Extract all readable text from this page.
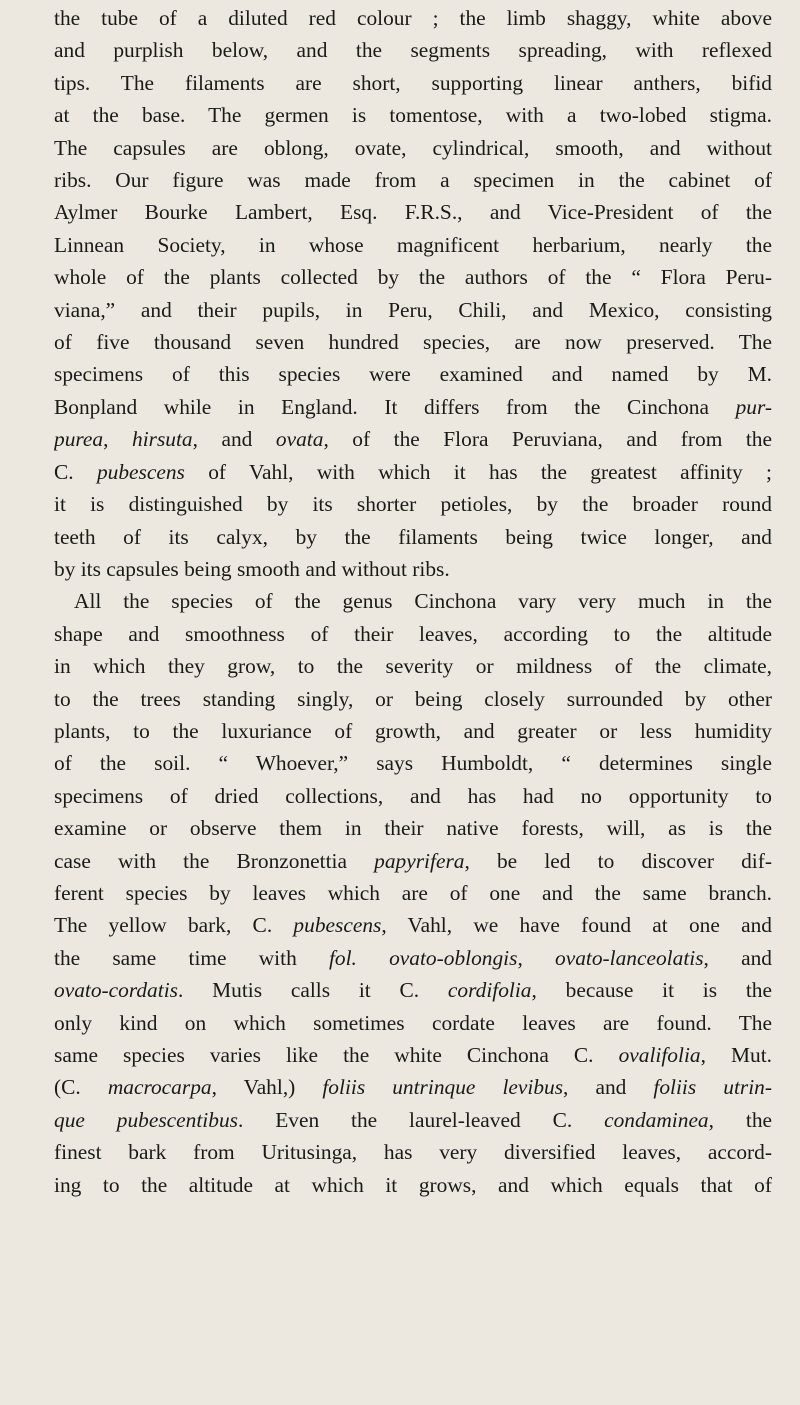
the tube of a diluted red colour ; the limb shaggy, white above
and purplish below, and the segments spreading, with reflexed
tips. The filaments are short, supporting linear anthers, bifid
at the base. The germen is tomentose, with a two-lobed stigma.
The capsules are oblong, ovate, cylindrical, smooth, and without
ribs. Our figure was made from a specimen in the cabinet of
Aylmer Bourke Lambert, Esq. F.R.S., and Vice-President of the
Linnean Society, in whose magnificent herbarium, nearly the
whole of the plants collected by the authors of the “ Flora Peru-
viana,” and their pupils, in Peru, Chili, and Mexico, consisting
of five thousand seven hundred species, are now preserved. The
specimens of this species were examined and named by M.
Bonpland while in England. It differs from the Cinchona pur-
purea, hirsuta, and ovata, of the Flora Peruviana, and from the
C. pubescens of Vahl, with which it has the greatest affinity ;
it is distinguished by its shorter petioles, by the broader round
teeth of its calyx, by the filaments being twice longer, and
by its capsules being smooth and without ribs.

All the species of the genus Cinchona vary very much in the
shape and smoothness of their leaves, according to the altitude
in which they grow, to the severity or mildness of the climate,
to the trees standing singly, or being closely surrounded by other
plants, to the luxuriance of growth, and greater or less humidity
of the soil. “ Whoever,” says Humboldt, “ determines single
specimens of dried collections, and has had no opportunity to
examine or observe them in their native forests, will, as is the
case with the Bronzonettia papyrifera, be led to discover dif-
ferent species by leaves which are of one and the same branch.
The yellow bark, C. pubescens, Vahl, we have found at one and
the same time with fol. ovato-oblongis, ovato-lanceolatis, and
ovato-cordatis. Mutis calls it C. cordifolia, because it is the
only kind on which sometimes cordate leaves are found. The
same species varies like the white Cinchona C. ovalifolia, Mut.
(C. macrocarpa, Vahl,) foliis untrinque levibus, and foliis utrin-
que pubescentibus. Even the laurel-leaved C. condaminea, the
finest bark from Uritusinga, has very diversified leaves, accord-
ing to the altitude at which it grows, and which equals that of
